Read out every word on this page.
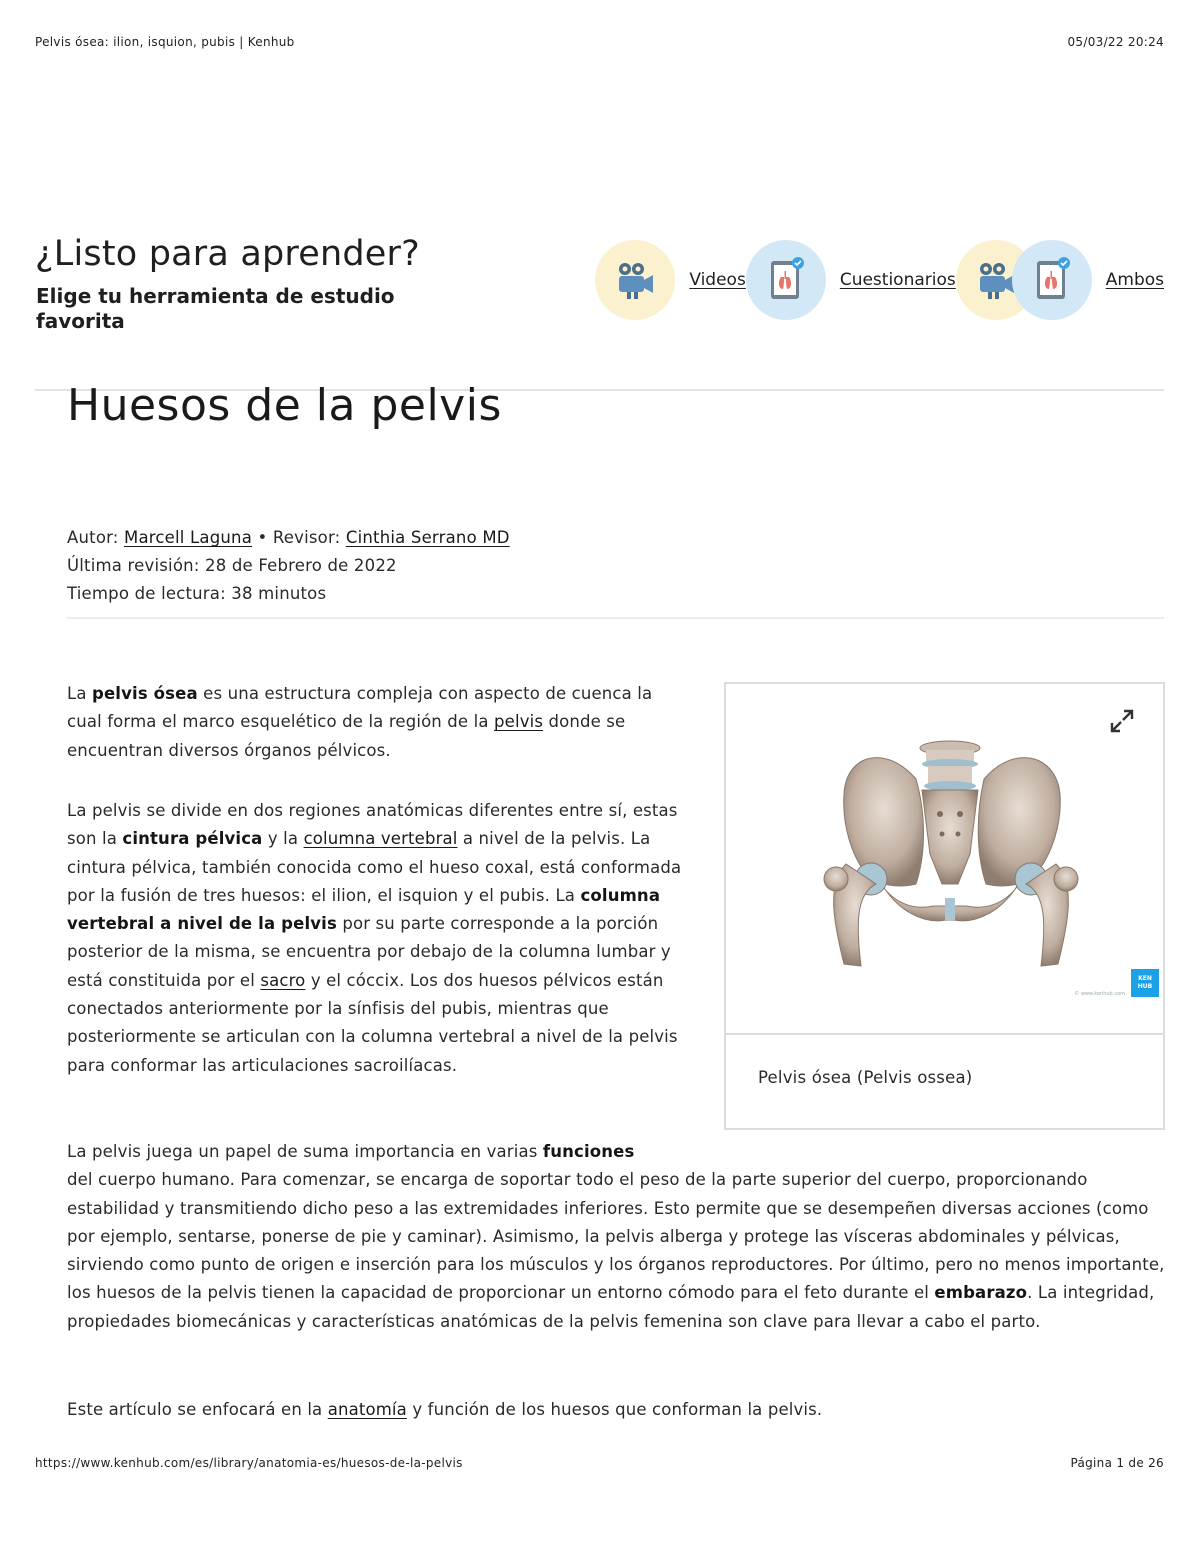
Pelvis ósea: ilion, isquion, pubis | Kenhub	05/03/22 20:24
¿Listo para aprender?

Elige tu herramienta de estudio favorita

Videos	Cuestionarios	Ambos
Huesos de la pelvis
Autor: Marcell Laguna • Revisor: Cinthia Serrano MD
Última revisión: 28 de Febrero de 2022
Tiempo de lectura: 38 minutos

La pelvis ósea es una estructura compleja con aspecto de cuenca la cual forma el marco esquelético de la región de la pelvis donde se encuentran diversos órganos pélvicos.

La pelvis se divide en dos regiones anatómicas diferentes entre sí, estas son la cintura pélvica y la columna vertebral a nivel de la pelvis. La cintura pélvica, también conocida como el hueso coxal, está conformada por la fusión de tres huesos: el ilion, el isquion y el pubis. La columna vertebral a nivel de la pelvis por su parte corresponde a la porción posterior de la misma, se encuentra por debajo de la columna lumbar y está constituida por el sacro y el cóccix. Los dos huesos pélvicos están conectados anteriormente por la sínfisis del pubis, mientras que posteriormente se articulan con la columna vertebral a nivel de la pelvis para conformar las articulaciones sacroilíacas.

La pelvis juega un papel de suma importancia en varias funciones
del cuerpo humano. Para comenzar, se encarga de soportar todo el peso de la parte superior del cuerpo, proporcionando estabilidad y transmitiendo dicho peso a las extremidades inferiores. Esto permite que se desempeñen diversas acciones (como por ejemplo, sentarse, ponerse de pie y caminar). Asimismo, la pelvis alberga y protege las vísceras abdominales y pélvicas, sirviendo como punto de origen e inserción para los músculos y los órganos reproductores. Por último, pero no menos importante, los huesos de la pelvis tienen la capacidad de proporcionar un entorno cómodo para el feto durante el embarazo. La integridad, propiedades biomecánicas y características anatómicas de la pelvis femenina son clave para llevar a cabo el parto.

Este artículo se enfocará en la anatomía y función de los huesos que conforman la pelvis.

© www.kenhub.com
KEN
HUB
Pelvis ósea (Pelvis ossea)
https://www.kenhub.com/es/library/anatomia-es/huesos-de-la-pelvis	Página 1 de 26
